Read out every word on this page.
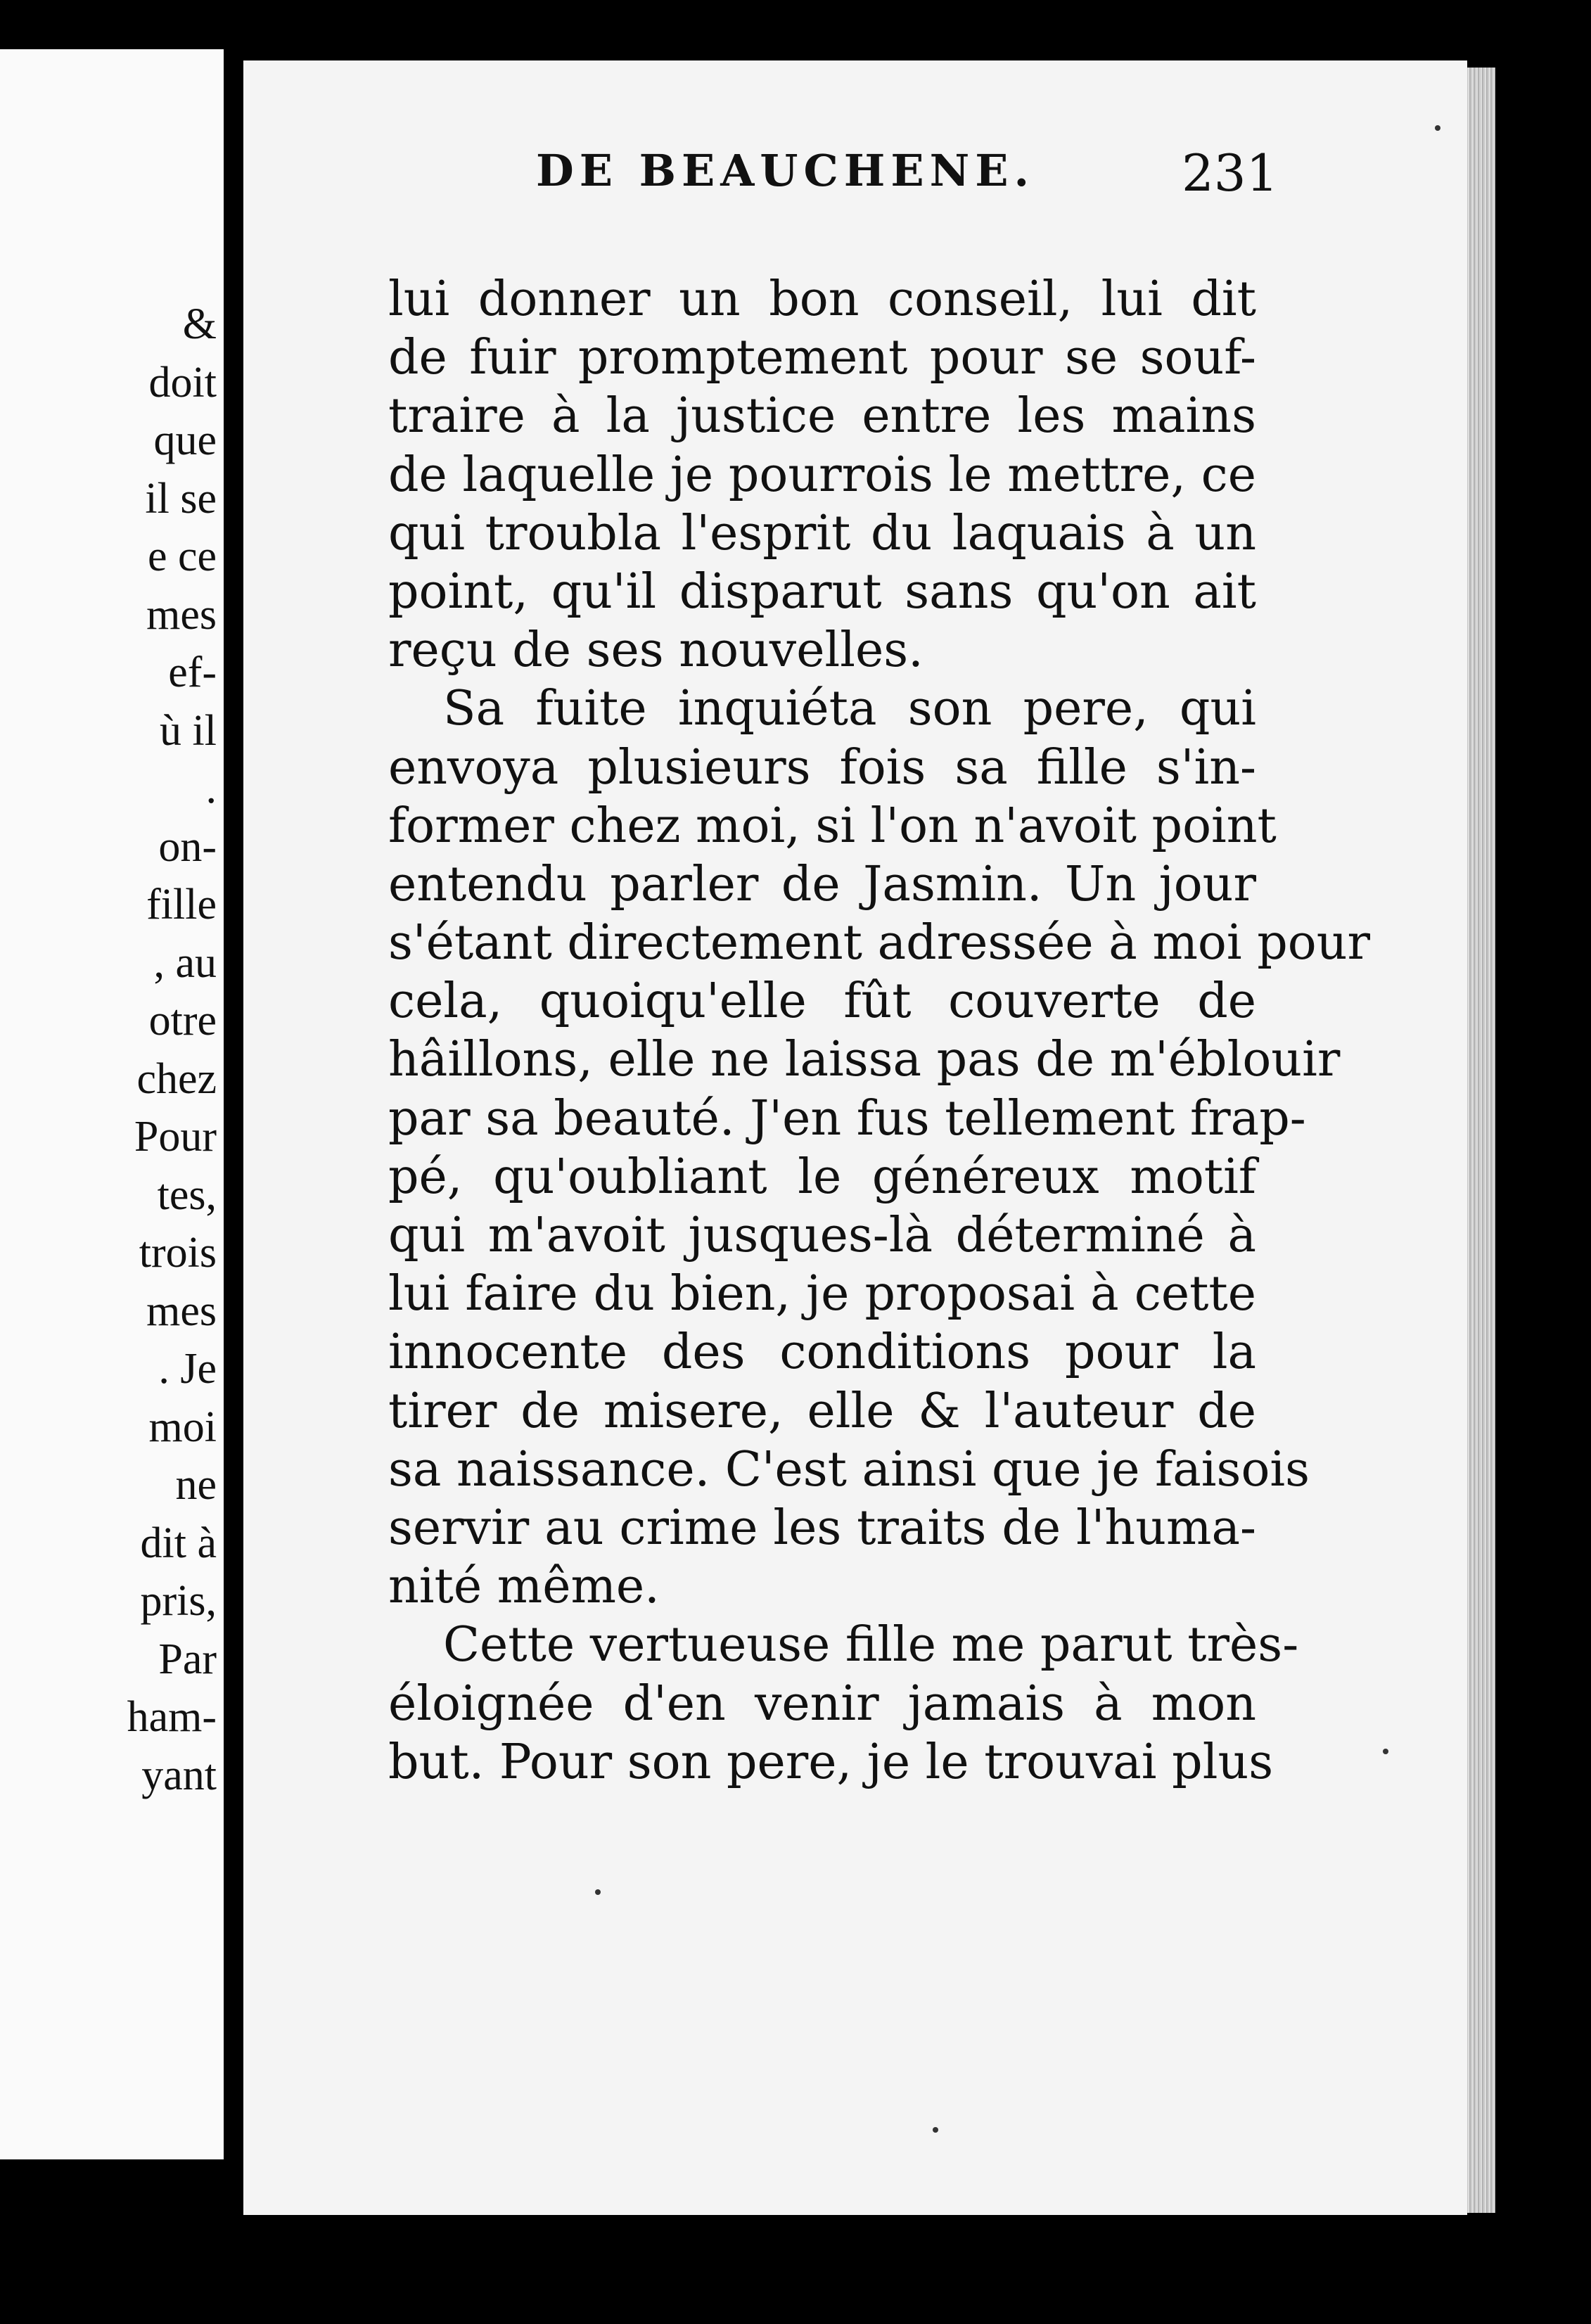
&
doit
que
il se
e ce
mes
ef-
ù il
.
on-
fille
, au
otre
chez
Pour
tes,
trois
mes
. Je
moi
ne
dit à
pris,
Par
ham-
yant
DE BEAUCHENE.	231
lui donner un bon conseil, lui dit
de fuir promptement pour se souf-
traire à la justice entre les mains
de laquelle je pourrois le mettre, ce
qui troubla l'esprit du laquais à un
point, qu'il disparut sans qu'on ait
reçu de ses nouvelles.
Sa fuite inquiéta son pere, qui
envoya plusieurs fois sa fille s'in-
former chez moi, si l'on n'avoit point
entendu parler de Jasmin. Un jour
s'étant directement adressée à moi pour
cela, quoiqu'elle fût couverte de
hâillons, elle ne laissa pas de m'éblouir
par sa beauté. J'en fus tellement frap-
pé, qu'oubliant le généreux motif
qui m'avoit jusques-là déterminé à
lui faire du bien, je proposai à cette
innocente des conditions pour la
tirer de misere, elle & l'auteur de
sa naissance. C'est ainsi que je faisois
servir au crime les traits de l'huma-
nité même.
Cette vertueuse fille me parut très-
éloignée d'en venir jamais à mon
but. Pour son pere, je le trouvai plus
